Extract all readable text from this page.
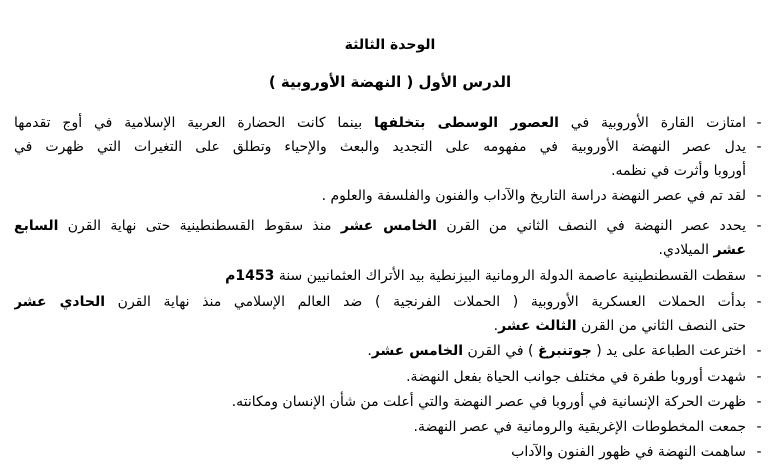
الوحدة الثالثة
الدرس الأول ( النهضة الأوروبية )
-
امتازت القارة الأوروبية في العصور الوسطى بتخلفها بينما كانت الحضارة العربية الإسلامية في أوج تقدمها
-
يدل عصر النهضة الأوروبية في مفهومه على التجديد والبعث والإحياء وتطلق على التغيرات التي ظهرت في
أوروبا وأثرت في نظمه.
-
لقد تم في عصر النهضة دراسة التاريخ والآداب والفنون والفلسفة والعلوم .
-
يحدد عصر النهضة في النصف الثاني من القرن الخامس عشر منذ سقوط القسطنطينية حتى نهاية القرن السابع
عشر الميلادي.
-
سقطت القسطنطينية عاصمة الدولة الرومانية البيزنطية بيد الأتراك العثمانيين سنة 1453م
-
بدأت الحملات العسكرية الأوروبية ( الحملات الفرنجية ) ضد العالم الإسلامي منذ نهاية القرن الحادي عشر
حتى النصف الثاني من القرن الثالث عشر.
-
اخترعت الطباعة على يد ( جوتنبرغ ) في القرن الخامس عشر.
-
شهدت أوروبا طفرة في مختلف جوانب الحياة بفعل النهضة.
-
ظهرت الحركة الإنسانية في أوروبا في عصر النهضة والتي أعلت من شأن الإنسان ومكانته.
-
جمعت المخطوطات الإغريقية والرومانية في عصر النهضة.
-
ساهمت النهضة في ظهور الفنون والآداب
